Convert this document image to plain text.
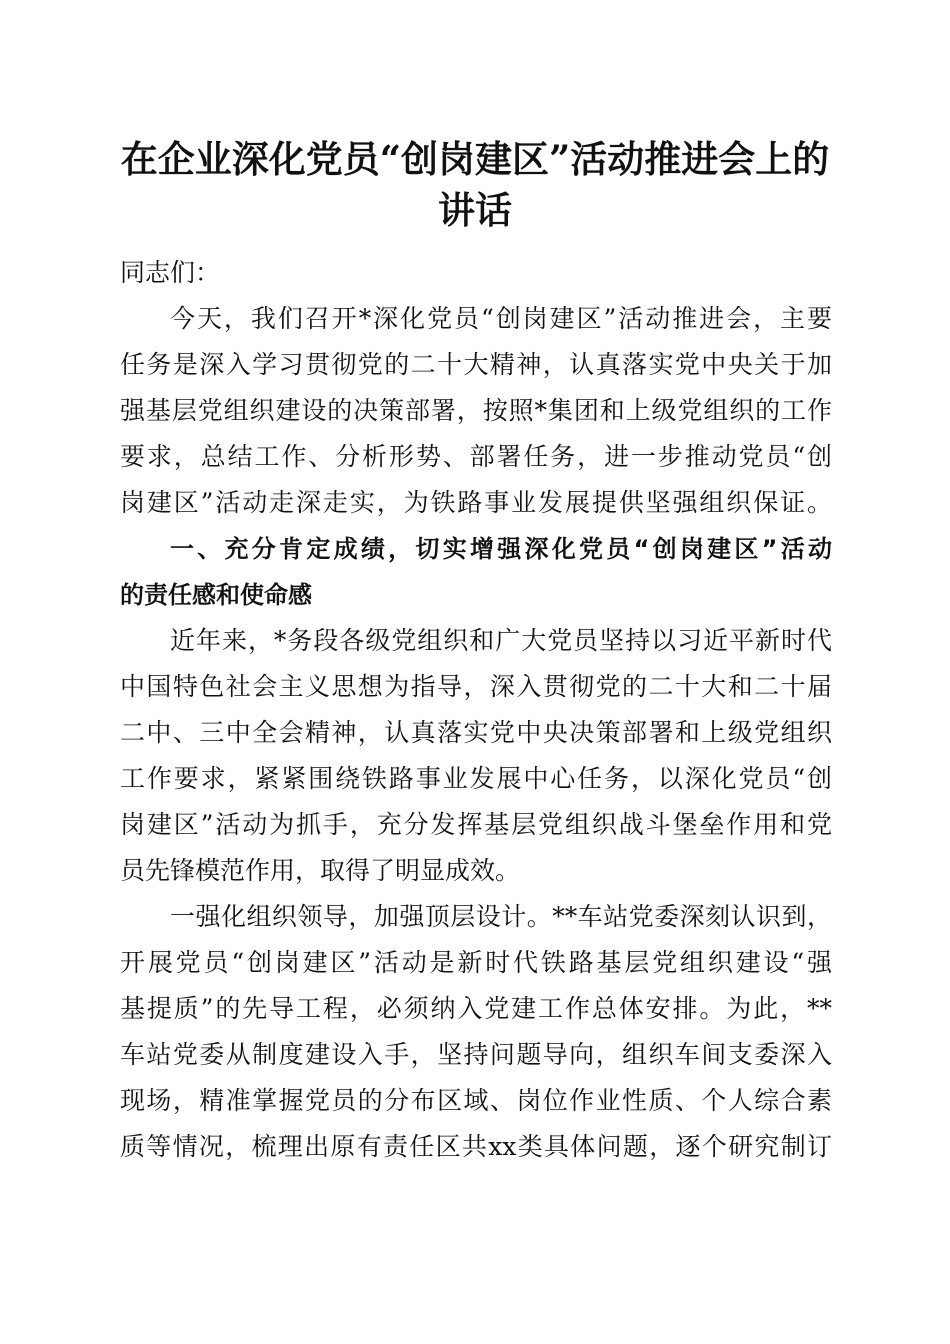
在企业深化党员“创岗建区”活动推进会上的
讲话
同志们：
今天，我们召开*深化党员“创岗建区”活动推进会，主要
任务是深入学习贯彻党的二十大精神，认真落实党中央关于加
强基层党组织建设的决策部署，按照*集团和上级党组织的工作
要求，总结工作、分析形势、部署任务，进一步推动党员“创
岗建区”活动走深走实，为铁路事业发展提供坚强组织保证。
一、充分肯定成绩，切实增强深化党员“创岗建区”活动
的责任感和使命感
近年来，*务段各级党组织和广大党员坚持以习近平新时代
中国特色社会主义思想为指导，深入贯彻党的二十大和二十届
二中、三中全会精神，认真落实党中央决策部署和上级党组织
工作要求，紧紧围绕铁路事业发展中心任务，以深化党员“创
岗建区”活动为抓手，充分发挥基层党组织战斗堡垒作用和党
员先锋模范作用，取得了明显成效。
一强化组织领导，加强顶层设计。**车站党委深刻认识到，
开展党员“创岗建区”活动是新时代铁路基层党组织建设“强
基提质”的先导工程，必须纳入党建工作总体安排。为此，**
车站党委从制度建设入手，坚持问题导向，组织车间支委深入
现场，精准掌握党员的分布区域、岗位作业性质、个人综合素
质等情况，梳理出原有责任区共xx类具体问题，逐个研究制订
